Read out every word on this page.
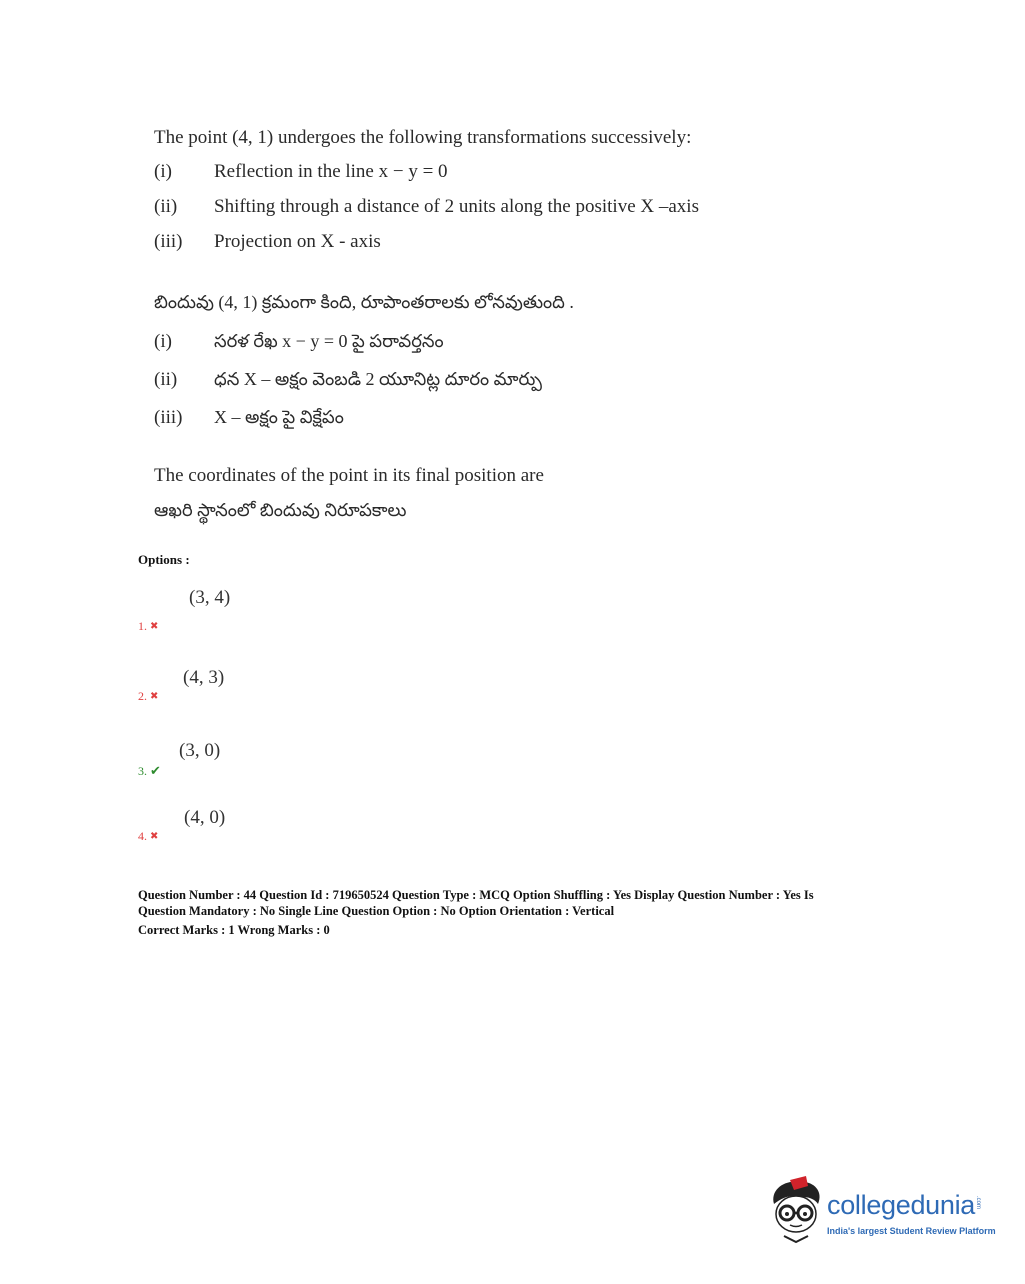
The point (4, 1) undergoes the following transformations successively:
(i) Reflection in the line x − y = 0
(ii) Shifting through a distance of 2 units along the positive X –axis
(iii) Projection on X - axis
బిందువు (4, 1) క్రమంగా కింది, రూపాంతరాలకు లోనవుతుంది .
(i) సరళ రేఖ x − y = 0 పై పరావర్తనం
(ii) ధన X – అక్షం వెంబడి 2 యూనిట్ల దూరం మార్పు
(iii) X – అక్షం పై విక్షేపం
The coordinates of the point in its final position are
ఆఖరి స్థానంలో బిందువు నిరూపకాలు
Options :
(3, 4)
1. ✖
(4, 3)
2. ✖
(3, 0)
3. ✔
(4, 0)
4. ✖
Question Number : 44 Question Id : 719650524 Question Type : MCQ Option Shuffling : Yes Display Question Number : Yes Is
Question Mandatory : No Single Line Question Option : No Option Orientation : Vertical
Correct Marks : 1 Wrong Marks : 0
collegedunia .com
India's largest Student Review Platform
